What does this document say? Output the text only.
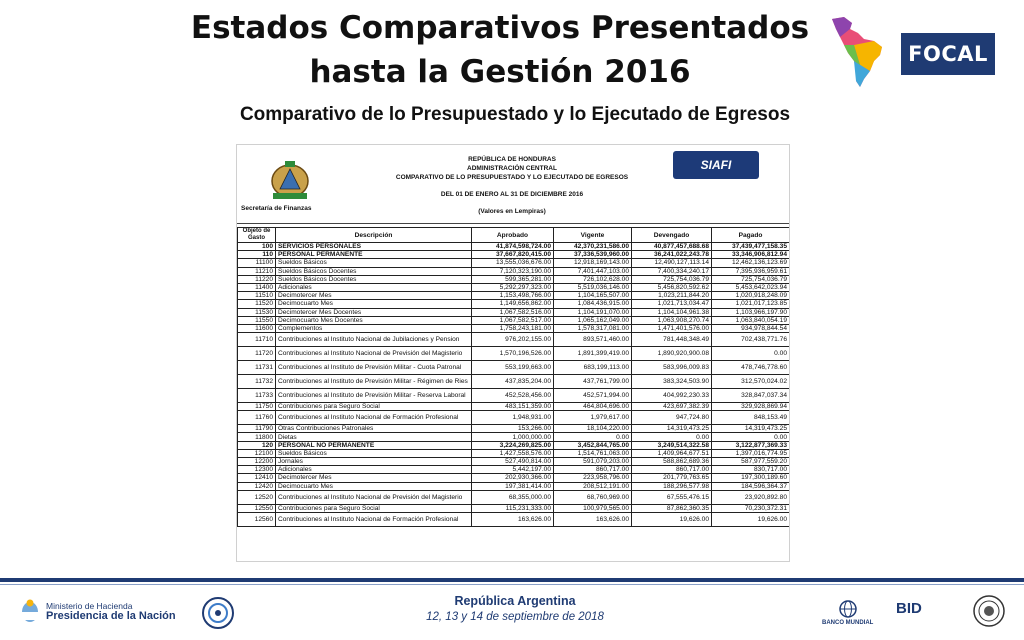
Estados Comparativos Presentados
hasta la Gestión 2016	FOCAL
Comparativo de lo Presupuestado y lo Ejecutado de Egresos
Secretaría de Finanzas
REPÚBLICA DE HONDURAS
ADMINISTRACIÓN CENTRAL
COMPARATIVO DE LO PRESUPUESTADO Y LO EJECUTADO DE EGRESOS
DEL 01 DE ENERO AL 31 DE DICIEMBRE 2016
(Valores en Lempiras)
SIAFI
Objeto de Gasto	Descripción	Aprobado	Vigente	Devengado	Pagado
100	SERVICIOS PERSONALES	41,874,598,724.00	42,370,231,586.00	40,877,457,688.68	37,439,477,158.35
110	PERSONAL PERMANENTE	37,667,820,415.00	37,336,539,960.00	36,241,022,243.78	33,346,906,812.94
11100	Sueldos Básicos	13,555,036,676.00	12,918,169,143.00	12,490,127,113.14	12,462,136,123.69
11210	Sueldos Básicos Docentes	7,120,323,190.00	7,401,447,103.00	7,400,334,240.17	7,395,936,959.61
11220	Sueldos Básicos Docentes	599,365,281.00	726,102,628.00	725,754,036.79	725,754,036.79
11400	Adicionales	5,292,297,323.00	5,519,036,146.00	5,456,820,592.62	5,453,642,023.94
11510	Decimotercer Mes	1,153,498,766.00	1,104,165,507.00	1,023,211,844.20	1,020,918,248.09
11520	Decimocuarto Mes	1,149,656,862.00	1,084,436,915.00	1,021,713,034.47	1,021,017,123.85
11530	Decimotercer Mes Docentes	1,067,582,516.00	1,104,191,070.00	1,104,104,961.38	1,103,966,197.90
11550	Decimocuarto Mes Docentes	1,067,582,517.00	1,065,162,049.00	1,063,908,270.74	1,063,840,054.19
11600	Complementos	1,758,243,181.00	1,578,317,081.00	1,471,401,576.00	934,978,844.54
11710	Contribuciones al Instituto Nacional de Jubilaciones y Pension	976,202,155.00	893,571,460.00	781,448,348.49	702,438,771.76
11720	Contribuciones al Instituto Nacional de Previsión del Magisterio	1,570,196,526.00	1,891,399,419.00	1,890,920,900.08	0.00
11731	Contribuciones al Instituto de Previsión Militar - Cuota Patronal	553,199,663.00	683,199,113.00	583,996,009.83	478,746,778.60
11732	Contribuciones al Instituto de Previsión Militar - Régimen de Ries	437,835,204.00	437,761,799.00	383,324,503.90	312,570,024.02
11733	Contribuciones al Instituto de Previsión Militar - Reserva Laboral	452,528,456.00	452,571,994.00	404,992,230.33	328,847,037.34
11750	Contribuciones para Seguro Social	483,151,359.00	464,804,696.00	423,697,382.39	329,928,869.94
11760	Contribuciones al Instituto Nacional de Formación Profesional	1,948,931.00	1,979,617.00	947,724.80	848,153.49
11790	Otras Contribuciones Patronales	153,266.00	18,104,220.00	14,319,473.25	14,319,473.25
11800	Dietas	1,000,000.00	0.00	0.00	0.00
120	PERSONAL NO PERMANENTE	3,224,269,825.00	3,452,844,765.00	3,249,514,322.58	3,122,877,369.33
12100	Sueldos Básicos	1,427,558,576.00	1,514,761,063.00	1,409,964,677.51	1,397,016,774.95
12200	Jornales	527,490,814.00	591,079,203.00	588,862,689.36	587,977,559.20
12300	Adicionales	5,442,197.00	860,717.00	860,717.00	830,717.00
12410	Decimotercer Mes	202,930,366.00	223,958,796.00	201,779,763.65	197,300,189.60
12420	Decimocuarto Mes	197,381,414.00	208,512,191.00	188,296,577.98	184,596,364.37
12520	Contribuciones al Instituto Nacional de Previsión del Magisterio	68,355,000.00	68,760,969.00	67,555,476.15	23,920,892.80
12550	Contribuciones para Seguro Social	115,231,333.00	100,979,565.00	87,862,360.35	70,230,372.31
12560	Contribuciones al Instituto Nacional de Formación Profesional	163,626.00	163,626.00	19,626.00	19,626.00
Ministerio de Hacienda
Presidencia de la Nación
República Argentina
12, 13 y 14 de septiembre de 2018	BANCO MUNDIAL
BID
